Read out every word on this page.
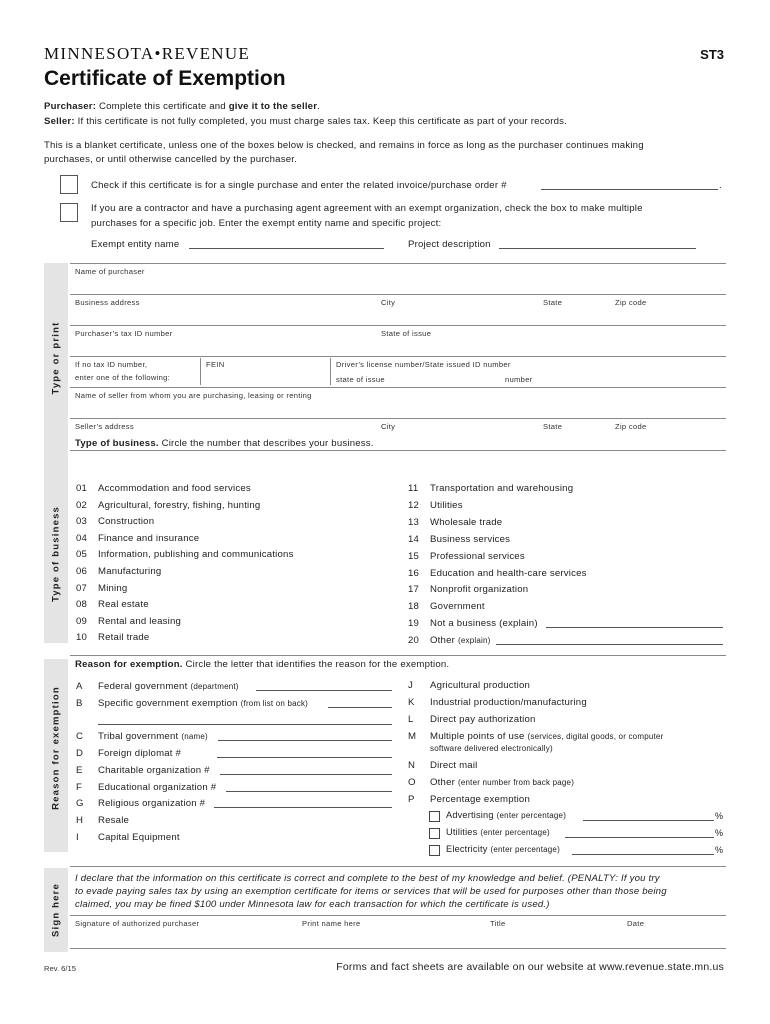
MINNESOTA•REVENUE	ST3
Certificate of Exemption
Purchaser: Complete this certificate and give it to the seller.
Seller: If this certificate is not fully completed, you must charge sales tax. Keep this certificate as part of your records.
This is a blanket certificate, unless one of the boxes below is checked, and remains in force as long as the purchaser continues making
purchases, or until otherwise cancelled by the purchaser.
Check if this certificate is for a single purchase and enter the related invoice/purchase order #	.
If you are a contractor and have a purchasing agent agreement with an exempt organization, check the box to make multiple
purchases for a specific job. Enter the exempt entity name and specific project:
Exempt entity name	Project description
Type or print
Name of purchaser
Business address	City	State	Zip code
Purchaser’s tax ID number	State of issue
If no tax ID number,
enter one of the following:
FEIN	Driver’s license number/State issued ID number
state of issue	number
Name of seller from whom you are purchasing, leasing or renting
Seller’s address	City	State	Zip code
Type of business
Type of business. Circle the number that describes your business.
01 Accommodation and food services
02 Agricultural, forestry, fishing, hunting
03 Construction
04 Finance and insurance
05 Information, publishing and communications
06 Manufacturing
07 Mining
08 Real estate
09 Rental and leasing
10 Retail trade
11 Transportation and warehousing
12 Utilities
13 Wholesale trade
14 Business services
15 Professional services
16 Education and health-care services
17 Nonprofit organization
18 Government
19 Not a business (explain)
20 Other (explain)
Reason for exemption
Reason for exemption. Circle the letter that identifies the reason for the exemption.
A Federal government (department)
B Specific government exemption (from list on back)
C Tribal government (name)
D Foreign diplomat #
E Charitable organization #
F Educational organization #
G Religious organization #
H Resale
I Capital Equipment
J Agricultural production
K Industrial production/manufacturing
L Direct pay authorization
M Multiple points of use (services, digital goods, or computer
software delivered electronically)
N Direct mail
O Other (enter number from back page)
P Percentage exemption
Advertising (enter percentage)	%
Utilities (enter percentage)	%
Electricity (enter percentage)	%
Sign here
I declare that the information on this certificate is correct and complete to the best of my knowledge and belief. (PENALTY: If you try
to evade paying sales tax by using an exemption certificate for items or services that will be used for purposes other than those being
claimed, you may be fined $100 under Minnesota law for each transaction for which the certificate is used.)
Signature of authorized purchaser	Print name here	Title	Date
Rev. 6/15	Forms and fact sheets are available on our website at www.revenue.state.mn.us
